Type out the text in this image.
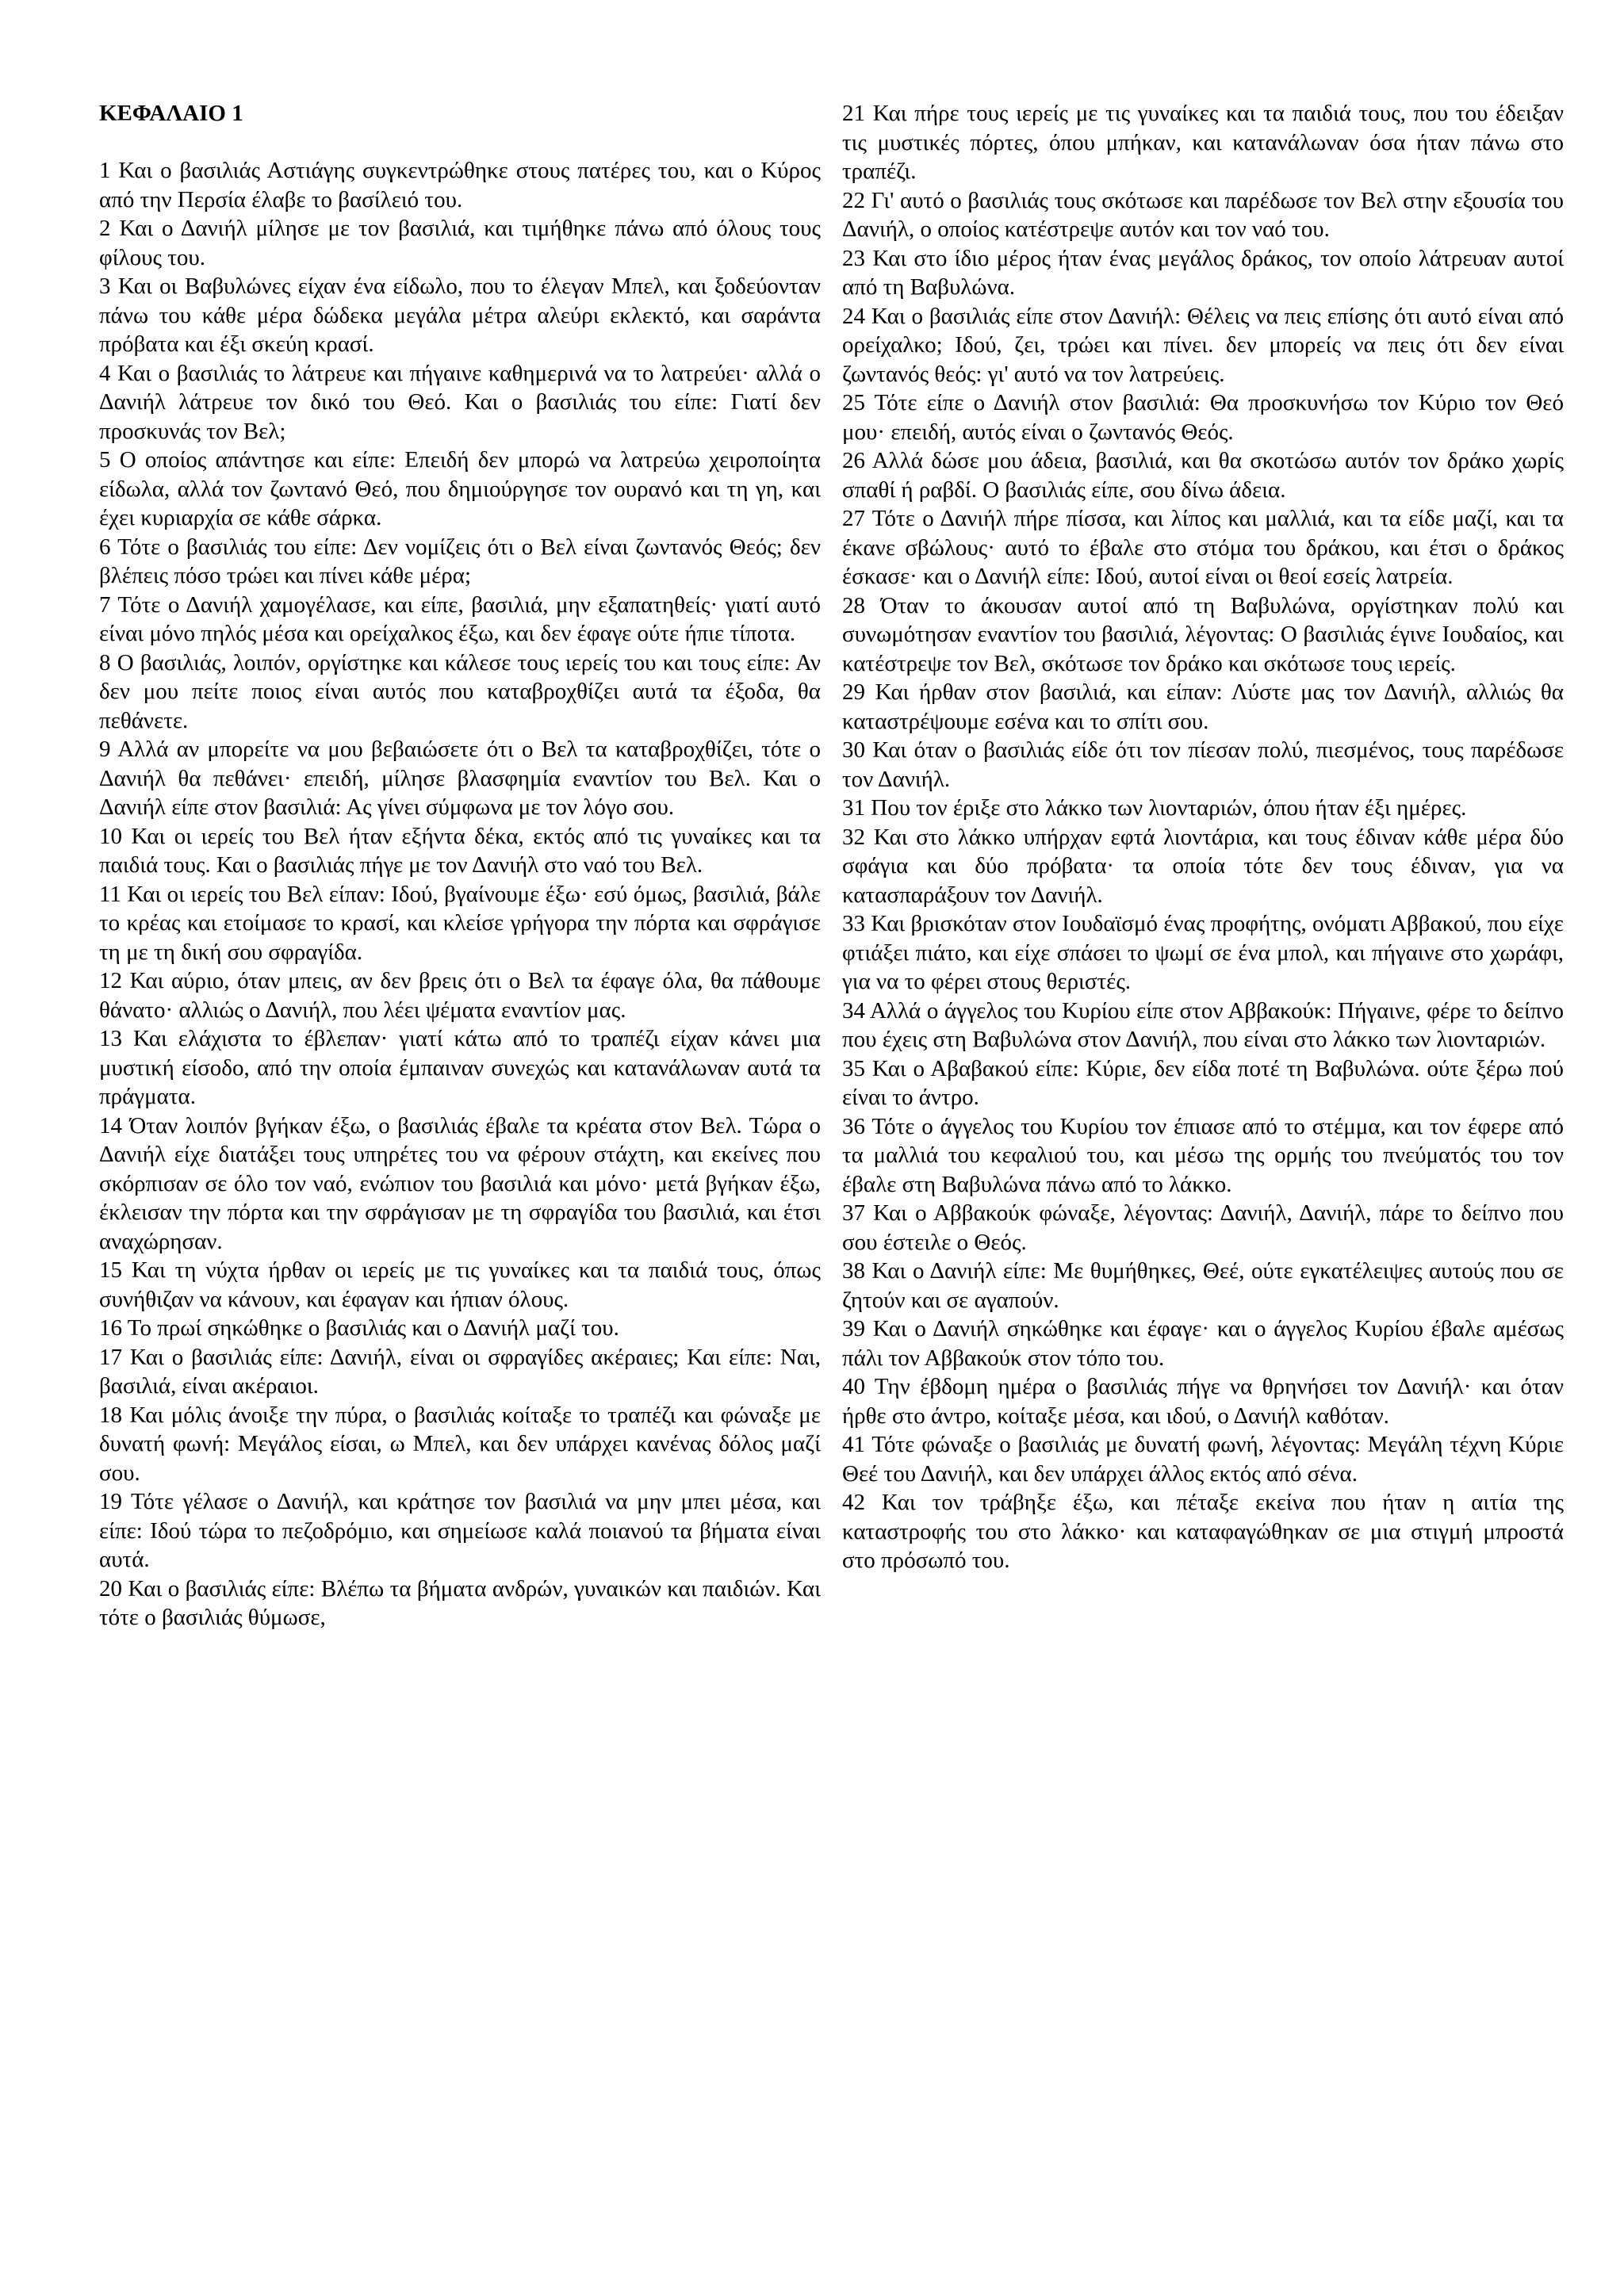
ΚΕΦΑΛΑΙΟ 1

1 Και ο βασιλιάς Αστιάγης συγκεντρώθηκε στους πατέρες του, και ο Κύρος από την Περσία έλαβε το βασίλειό του.

2 Και ο Δανιήλ μίλησε με τον βασιλιά, και τιμήθηκε πάνω από όλους τους φίλους του.

3 Και οι Βαβυλώνες είχαν ένα είδωλο, που το έλεγαν Μπελ, και ξοδεύονταν πάνω του κάθε μέρα δώδεκα μεγάλα μέτρα αλεύρι εκλεκτό, και σαράντα πρόβατα και έξι σκεύη κρασί.

4 Και ο βασιλιάς το λάτρευε και πήγαινε καθημερινά να το λατρεύει· αλλά ο Δανιήλ λάτρευε τον δικό του Θεό. Και ο βασιλιάς του είπε: Γιατί δεν προσκυνάς τον Βελ;

5 Ο οποίος απάντησε και είπε: Επειδή δεν μπορώ να λατρεύω χειροποίητα είδωλα, αλλά τον ζωντανό Θεό, που δημιούργησε τον ουρανό και τη γη, και έχει κυριαρχία σε κάθε σάρκα.

6 Τότε ο βασιλιάς του είπε: Δεν νομίζεις ότι ο Βελ είναι ζωντανός Θεός; δεν βλέπεις πόσο τρώει και πίνει κάθε μέρα;

7 Τότε ο Δανιήλ χαμογέλασε, και είπε, βασιλιά, μην εξαπατηθείς· γιατί αυτό είναι μόνο πηλός μέσα και ορείχαλκος έξω, και δεν έφαγε ούτε ήπιε τίποτα.

8 Ο βασιλιάς, λοιπόν, οργίστηκε και κάλεσε τους ιερείς του και τους είπε: Αν δεν μου πείτε ποιος είναι αυτός που καταβροχθίζει αυτά τα έξοδα, θα πεθάνετε.

9 Αλλά αν μπορείτε να μου βεβαιώσετε ότι ο Βελ τα καταβροχθίζει, τότε ο Δανιήλ θα πεθάνει· επειδή, μίλησε βλασφημία εναντίον του Βελ. Και ο Δανιήλ είπε στον βασιλιά: Ας γίνει σύμφωνα με τον λόγο σου.

10 Και οι ιερείς του Βελ ήταν εξήντα δέκα, εκτός από τις γυναίκες και τα παιδιά τους. Και ο βασιλιάς πήγε με τον Δανιήλ στο ναό του Βελ.

11 Και οι ιερείς του Βελ είπαν: Ιδού, βγαίνουμε έξω· εσύ όμως, βασιλιά, βάλε το κρέας και ετοίμασε το κρασί, και κλείσε γρήγορα την πόρτα και σφράγισε τη με τη δική σου σφραγίδα.

12 Και αύριο, όταν μπεις, αν δεν βρεις ότι ο Βελ τα έφαγε όλα, θα πάθουμε θάνατο· αλλιώς ο Δανιήλ, που λέει ψέματα εναντίον μας.

13 Και ελάχιστα το έβλεπαν· γιατί κάτω από το τραπέζι είχαν κάνει μια μυστική είσοδο, από την οποία έμπαιναν συνεχώς και κατανάλωναν αυτά τα πράγματα.

14 Όταν λοιπόν βγήκαν έξω, ο βασιλιάς έβαλε τα κρέατα στον Βελ. Τώρα ο Δανιήλ είχε διατάξει τους υπηρέτες του να φέρουν στάχτη, και εκείνες που σκόρπισαν σε όλο τον ναό, ενώπιον του βασιλιά και μόνο· μετά βγήκαν έξω, έκλεισαν την πόρτα και την σφράγισαν με τη σφραγίδα του βασιλιά, και έτσι αναχώρησαν.

15 Και τη νύχτα ήρθαν οι ιερείς με τις γυναίκες και τα παιδιά τους, όπως συνήθιζαν να κάνουν, και έφαγαν και ήπιαν όλους.

16 Το πρωί σηκώθηκε ο βασιλιάς και ο Δανιήλ μαζί του.

17 Και ο βασιλιάς είπε: Δανιήλ, είναι οι σφραγίδες ακέραιες; Και είπε: Ναι, βασιλιά, είναι ακέραιοι.

18 Και μόλις άνοιξε την πύρα, ο βασιλιάς κοίταξε το τραπέζι και φώναξε με δυνατή φωνή: Μεγάλος είσαι, ω Μπελ, και δεν υπάρχει κανένας δόλος μαζί σου.

19 Τότε γέλασε ο Δανιήλ, και κράτησε τον βασιλιά να μην μπει μέσα, και είπε: Ιδού τώρα το πεζοδρόμιο, και σημείωσε καλά ποιανού τα βήματα είναι αυτά.

20 Και ο βασιλιάς είπε: Βλέπω τα βήματα ανδρών, γυναικών και παιδιών. Και τότε ο βασιλιάς θύμωσε,

21 Και πήρε τους ιερείς με τις γυναίκες και τα παιδιά τους, που του έδειξαν τις μυστικές πόρτες, όπου μπήκαν, και κατανάλωναν όσα ήταν πάνω στο τραπέζι.

22 Γι' αυτό ο βασιλιάς τους σκότωσε και παρέδωσε τον Βελ στην εξουσία του Δανιήλ, ο οποίος κατέστρεψε αυτόν και τον ναό του.

23 Και στο ίδιο μέρος ήταν ένας μεγάλος δράκος, τον οποίο λάτρευαν αυτοί από τη Βαβυλώνα.

24 Και ο βασιλιάς είπε στον Δανιήλ: Θέλεις να πεις επίσης ότι αυτό είναι από ορείχαλκο; Ιδού, ζει, τρώει και πίνει. δεν μπορείς να πεις ότι δεν είναι ζωντανός θεός: γι' αυτό να τον λατρεύεις.

25 Τότε είπε ο Δανιήλ στον βασιλιά: Θα προσκυνήσω τον Κύριο τον Θεό μου· επειδή, αυτός είναι ο ζωντανός Θεός.

26 Αλλά δώσε μου άδεια, βασιλιά, και θα σκοτώσω αυτόν τον δράκο χωρίς σπαθί ή ραβδί. Ο βασιλιάς είπε, σου δίνω άδεια.

27 Τότε ο Δανιήλ πήρε πίσσα, και λίπος και μαλλιά, και τα είδε μαζί, και τα έκανε σβώλους· αυτό το έβαλε στο στόμα του δράκου, και έτσι ο δράκος έσκασε· και ο Δανιήλ είπε: Ιδού, αυτοί είναι οι θεοί εσείς λατρεία.

28 Όταν το άκουσαν αυτοί από τη Βαβυλώνα, οργίστηκαν πολύ και συνωμότησαν εναντίον του βασιλιά, λέγοντας: Ο βασιλιάς έγινε Ιουδαίος, και κατέστρεψε τον Βελ, σκότωσε τον δράκο και σκότωσε τους ιερείς.

29 Και ήρθαν στον βασιλιά, και είπαν: Λύστε μας τον Δανιήλ, αλλιώς θα καταστρέψουμε εσένα και το σπίτι σου.

30 Και όταν ο βασιλιάς είδε ότι τον πίεσαν πολύ, πιεσμένος, τους παρέδωσε τον Δανιήλ.

31 Που τον έριξε στο λάκκο των λιονταριών, όπου ήταν έξι ημέρες.

32 Και στο λάκκο υπήρχαν εφτά λιοντάρια, και τους έδιναν κάθε μέρα δύο σφάγια και δύο πρόβατα· τα οποία τότε δεν τους έδιναν, για να κατασπαράξουν τον Δανιήλ.

33 Και βρισκόταν στον Ιουδαϊσμό ένας προφήτης, ονόματι Αββακού, που είχε φτιάξει πιάτο, και είχε σπάσει το ψωμί σε ένα μπολ, και πήγαινε στο χωράφι, για να το φέρει στους θεριστές.

34 Αλλά ο άγγελος του Κυρίου είπε στον Αββακούκ: Πήγαινε, φέρε το δείπνο που έχεις στη Βαβυλώνα στον Δανιήλ, που είναι στο λάκκο των λιονταριών.

35 Και ο Αβαβακού είπε: Κύριε, δεν είδα ποτέ τη Βαβυλώνα. ούτε ξέρω πού είναι το άντρο.

36 Τότε ο άγγελος του Κυρίου τον έπιασε από το στέμμα, και τον έφερε από τα μαλλιά του κεφαλιού του, και μέσω της ορμής του πνεύματός του τον έβαλε στη Βαβυλώνα πάνω από το λάκκο.

37 Και ο Αββακούκ φώναξε, λέγοντας: Δανιήλ, Δανιήλ, πάρε το δείπνο που σου έστειλε ο Θεός.

38 Και ο Δανιήλ είπε: Με θυμήθηκες, Θεέ, ούτε εγκατέλειψες αυτούς που σε ζητούν και σε αγαπούν.

39 Και ο Δανιήλ σηκώθηκε και έφαγε· και ο άγγελος Κυρίου έβαλε αμέσως πάλι τον Αββακούκ στον τόπο του.

40 Την έβδομη ημέρα ο βασιλιάς πήγε να θρηνήσει τον Δανιήλ· και όταν ήρθε στο άντρο, κοίταξε μέσα, και ιδού, ο Δανιήλ καθόταν.

41 Τότε φώναξε ο βασιλιάς με δυνατή φωνή, λέγοντας: Μεγάλη τέχνη Κύριε Θεέ του Δανιήλ, και δεν υπάρχει άλλος εκτός από σένα.

42 Και τον τράβηξε έξω, και πέταξε εκείνα που ήταν η αιτία της καταστροφής του στο λάκκο· και καταφαγώθηκαν σε μια στιγμή μπροστά στο πρόσωπό του.
